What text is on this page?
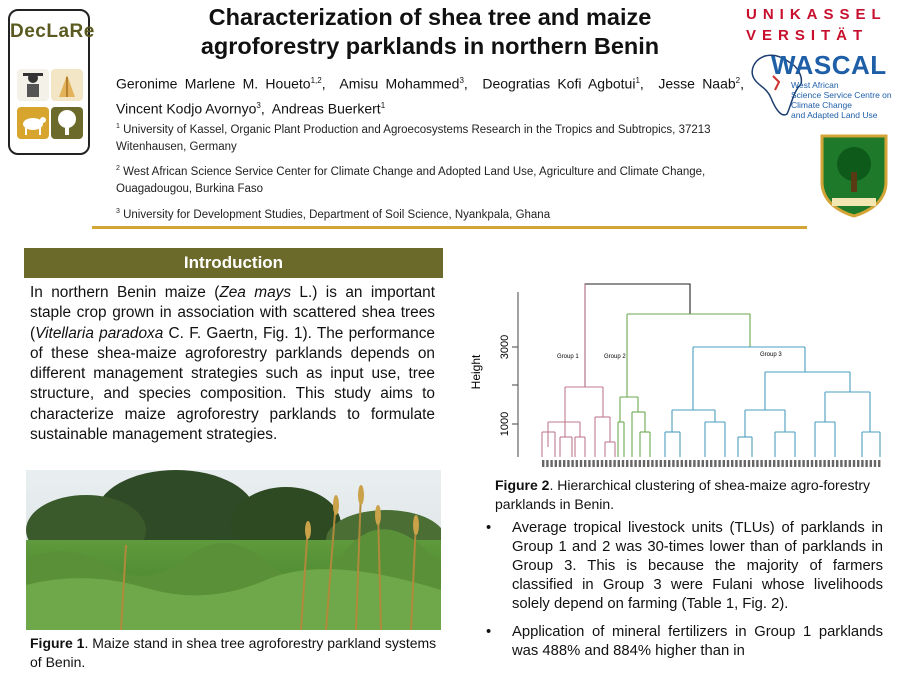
DecLaRe
Characterization of shea tree and maize
agroforestry parklands in northern Benin
Geronime Marlene M. Houeto$^{1,2}$,  Amisu Mohammed$^3$,  Deogratias Kofi Agbotui$^1$,  Jesse Naab$^2$, Vincent Kodjo Avornyo$^3$,  Andreas Buerkert$^1$
$^1$ University of Kassel, Organic Plant Production and Agroecosystems Research in the Tropics and Subtropics, 37213 Witenhausen, Germany
$^2$ West African Science Service Center for Climate Change and Adopted Land Use, Agriculture and Climate Change, Ouagadougou, Burkina Faso
$^3$ University for Development Studies, Department of Soil Science, Nyankpala, Ghana
UNIKASSEL
VERSITÄT
WASCAL
West African
Science Service Centre on
Climate Change
and Adapted Land Use
Introduction
In northern Benin maize (Zea mays L.) is an important staple crop grown in association with scattered shea trees (Vitellaria paradoxa C. F. Gaertn, Fig. 1). The performance of these shea-maize agroforestry parklands depends on different management strategies such as input use, tree structure, and species composition. This study aims to characterize maize agroforestry parklands to formulate sustainable management strategies.
Figure 1. Maize stand in shea tree agroforestry parkland systems of Benin.
Height
1000
3000	Group 1	Group 2	Group 3
Figure 2. Hierarchical clustering of shea-maize agro-forestry parklands in Benin.
• Average tropical livestock units (TLUs) of parklands in Group 1 and 2 was 30-times lower than of parklands in Group 3. This is because the majority of farmers classified in Group 3 were Fulani whose livelihoods solely depend on farming (Table 1, Fig. 2).
• Application of mineral fertilizers in Group 1 parklands was 488% and 884% higher than in
